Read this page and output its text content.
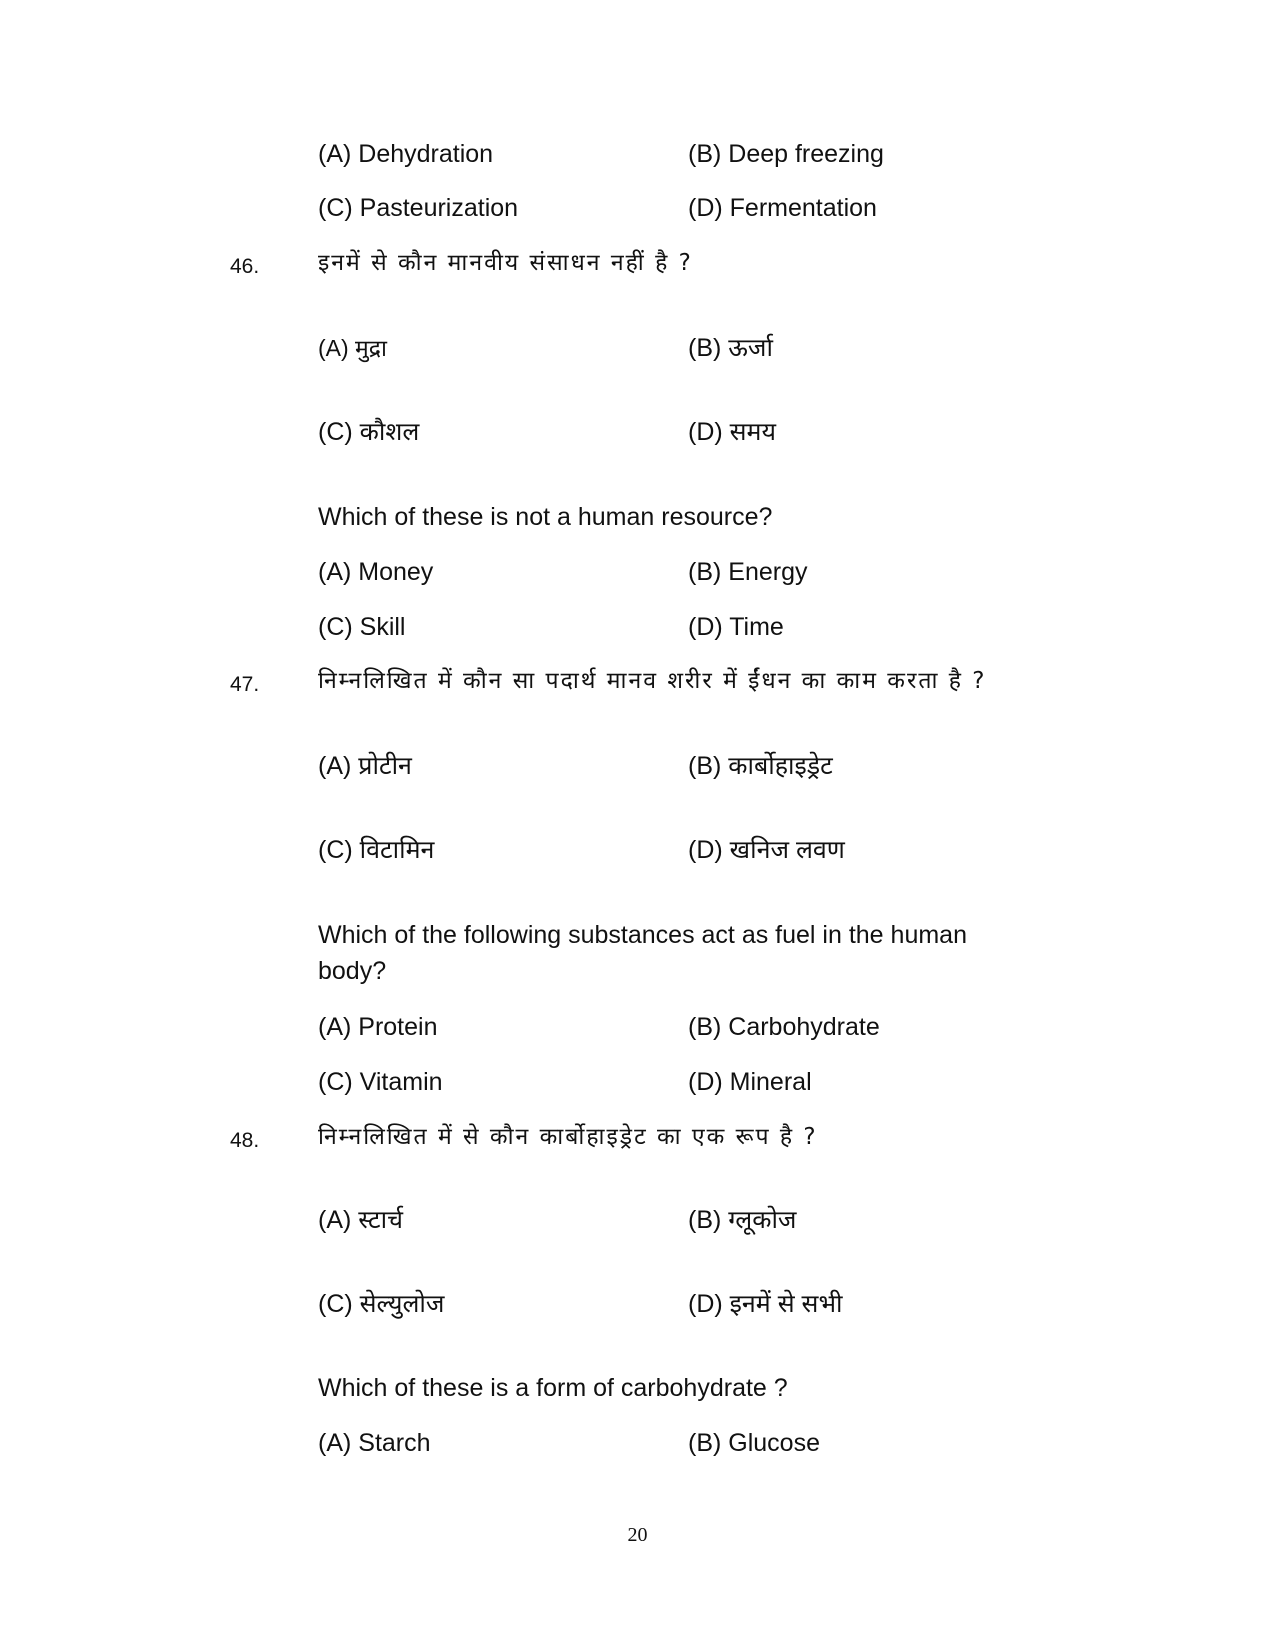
(A) Dehydration	(B) Deep freezing
(C) Pasteurization	(D) Fermentation
46.	इनमें से कौन मानवीय संसाधन नहीं है ?
(A) मुद्रा	(B) ऊर्जा
(C) कौशल	(D) समय
Which of these is not a human resource?
(A) Money	(B) Energy
(C) Skill	(D) Time
47.	निम्नलिखित में कौन सा पदार्थ मानव शरीर में ईंधन का काम करता है ?
(A) प्रोटीन	(B) कार्बोहाइड्रेट
(C) विटामिन	(D) खनिज लवण
Which of the following substances act as fuel in the human body?
(A) Protein	(B) Carbohydrate
(C) Vitamin	(D) Mineral
48.	निम्नलिखित में से कौन कार्बोहाइड्रेट का एक रूप है ?
(A) स्टार्च	(B) ग्लूकोज
(C) सेल्युलोज	(D) इनमें से सभी
Which of these is a form of carbohydrate ?
(A) Starch	(B) Glucose
20
